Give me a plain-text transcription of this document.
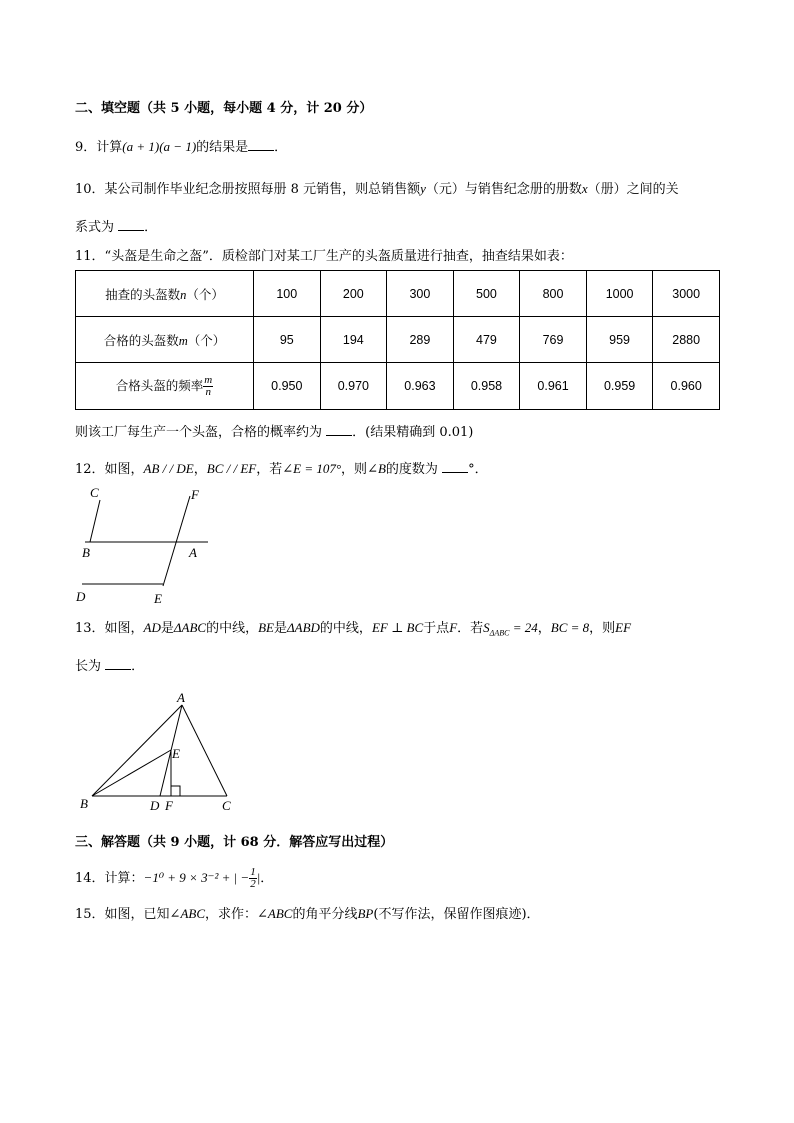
二、填空题（共 5 小题，每小题 4 分，计 20 分）
9．计算(a + 1)(a − 1)的结果是 ．
10．某公司制作毕业纪念册按照每册 8 元销售，则总销售额y（元）与销售纪念册的册数x（册）之间的关
系式为 ．
11．“头盔是生命之盔”．质检部门对某工厂生产的头盔质量进行抽查，抽查结果如表：
抽查的头盔数n（个）	100	200	300	500	800	1000	3000
合格的头盔数m（个）	95	194	289	479	769	959	2880
合格头盔的频率 $\frac{m}{n}$	0.950	0.970	0.963	0.958	0.961	0.959	0.960
则该工厂每生产一个头盔，合格的概率约为 ．(结果精确到 0.01)
12．如图，AB / / DE，BC / / EF，若∠E = 107°，则∠B的度数为 °．
C	F
B	A
D	E
13．如图，AD是ΔABC的中线，BE是ΔABD的中线，EF ⊥ BC于点F．若$S_{\Delta ABC} = 24$，BC = 8，则EF
长为 ．
A
E
B	D F	C
三、解答题（共 9 小题，计 68 分．解答应写出过程）
14．计算：−1⁰ + 9 × 3⁻² + | − $\frac{1}{2}$ |．
15．如图，已知∠ABC，求作：∠ABC的角平分线BP(不写作法，保留作图痕迹)．
